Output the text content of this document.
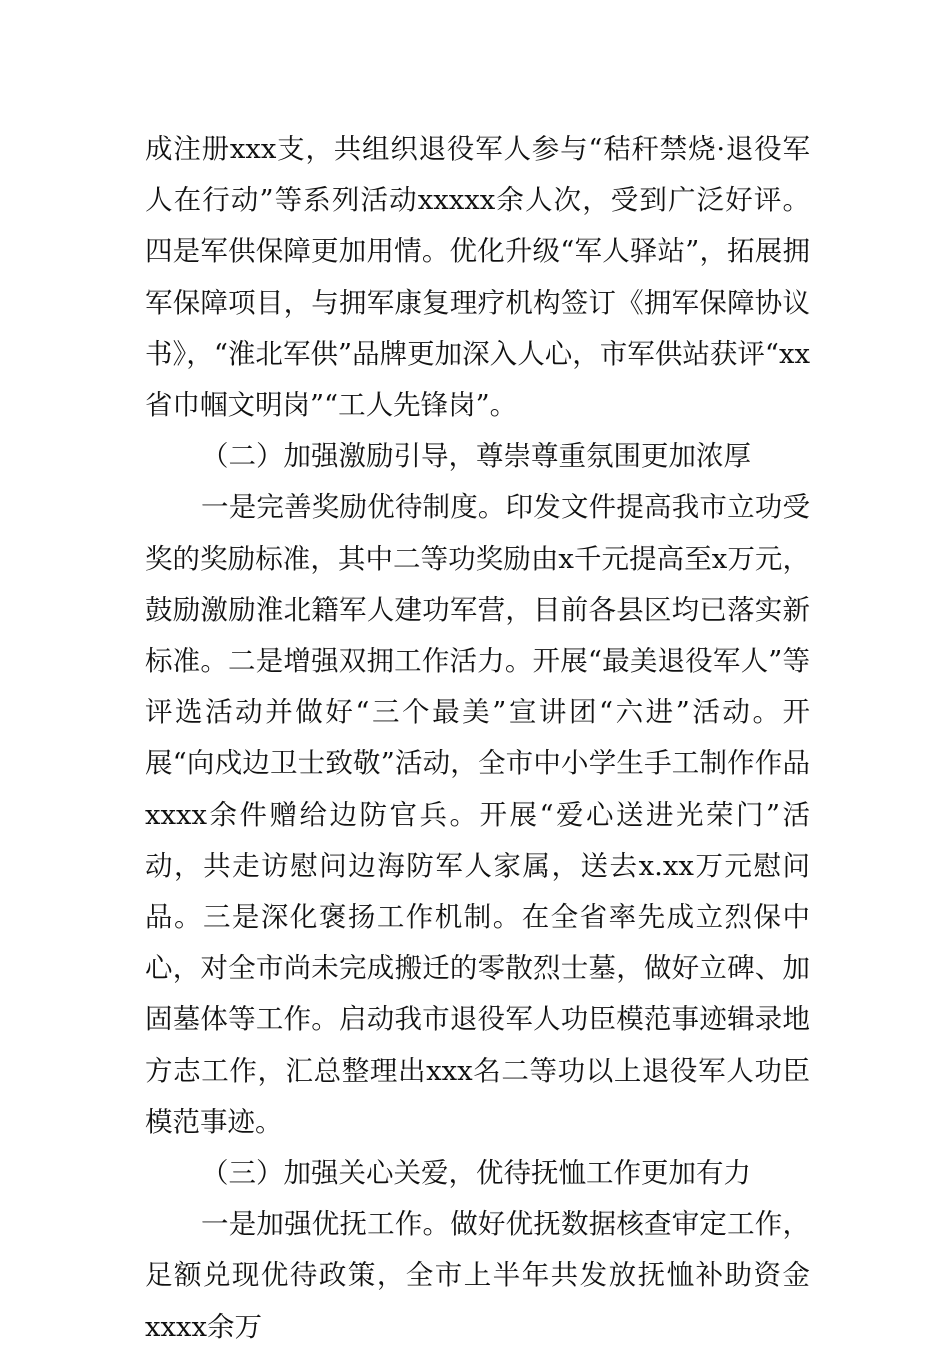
成注册xxx支，共组织退役军人参与“秸秆禁烧·退役军人在行动”等系列活动xxxxx余人次，受到广泛好评。四是军供保障更加用情。优化升级“军人驿站”，拓展拥军保障项目，与拥军康复理疗机构签订《拥军保障协议书》，“淮北军供”品牌更加深入人心，市军供站获评“xx省巾帼文明岗”“工人先锋岗”。

（二）加强激励引导，尊崇尊重氛围更加浓厚

一是完善奖励优待制度。印发文件提高我市立功受奖的奖励标准，其中二等功奖励由x千元提高至x万元，鼓励激励淮北籍军人建功军营，目前各县区均已落实新标准。二是增强双拥工作活力。开展“最美退役军人”等评选活动并做好“三个最美”宣讲团“六进”活动。开展“向戍边卫士致敬”活动，全市中小学生手工制作作品xxxx余件赠给边防官兵。开展“爱心送进光荣门”活动，共走访慰问边海防军人家属，送去x.xx万元慰问品。三是深化褒扬工作机制。在全省率先成立烈保中心，对全市尚未完成搬迁的零散烈士墓，做好立碑、加固墓体等工作。启动我市退役军人功臣模范事迹辑录地方志工作，汇总整理出xxx名二等功以上退役军人功臣模范事迹。

（三）加强关心关爱，优待抚恤工作更加有力

一是加强优抚工作。做好优抚数据核查审定工作，足额兑现优待政策，全市上半年共发放抚恤补助资金xxxx余万
